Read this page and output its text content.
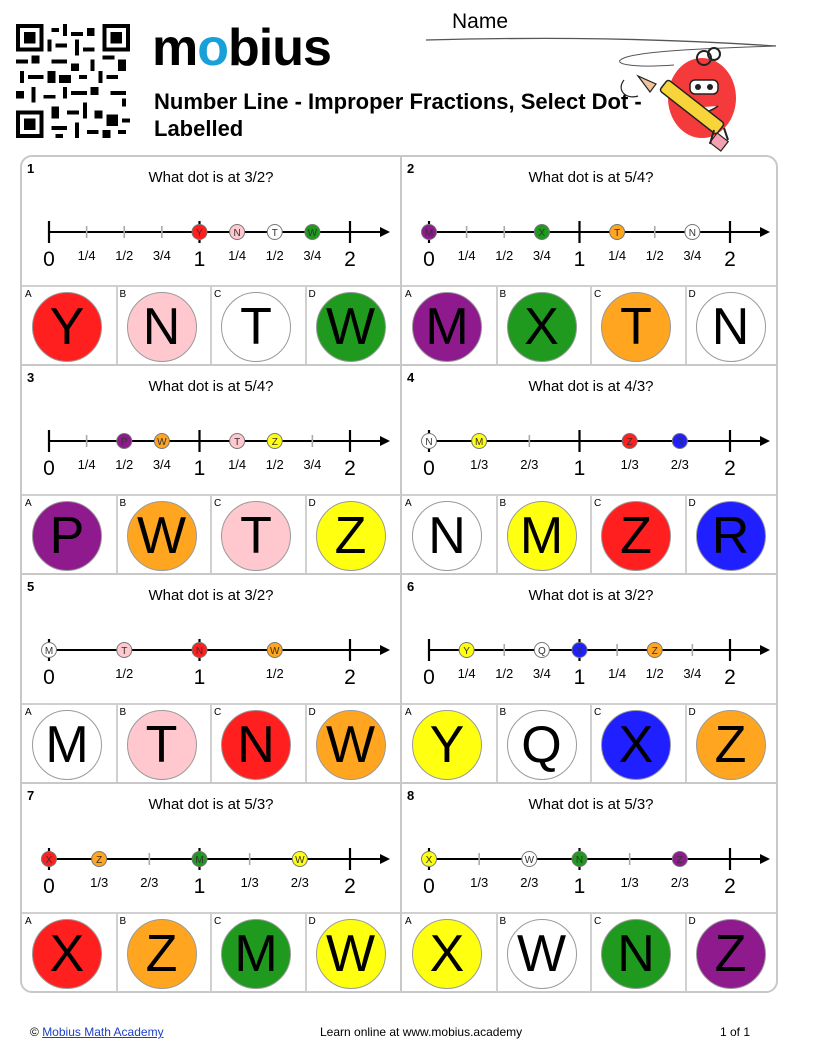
mobius
Number Line - Improper Fractions, Select Dot - Labelled
Name
1
What dot is at 3/2?
0 1/4 1/2 3/4 1 1/4 1/2 3/4 2
Y	N	T	W
A
Y
B
N
C
T
D
W
2
What dot is at 5/4?
0 1/4 1/2 3/4 1 1/4 1/2 3/4 2
M	X	T	N
A
M
B
X
C
T
D
N
3
What dot is at 5/4?
0 1/4 1/2 3/4 1 1/4 1/2 3/4 2
P	W	T	Z
A
P
B
W
C
T
D
Z
4
What dot is at 4/3?
0	1/3 2/3 1	1/3 2/3 2
N	M	Z	R
A
N
B
M
C
Z
D
R
5
What dot is at 3/2?
0	1/2	1	1/2	2
M	T	N	W
A
M
B
T
C
N
D
W
6
What dot is at 3/2?
0 1/4 1/2 3/4 1 1/4 1/2 3/4 2
Y	Q	X	Z
A
Y
B
Q
C
X
D
Z
7
What dot is at 5/3?
0	1/3 2/3 1	1/3 2/3 2
X	Z	M	W
A
X
B
Z
C
M
D
W
8
What dot is at 5/3?
0	1/3 2/3 1	1/3 2/3 2
X	W	N	Z
A
X
B
W
C
N
D
Z
© Mobius Math Academy	Learn online at www.mobius.academy	1 of 1
